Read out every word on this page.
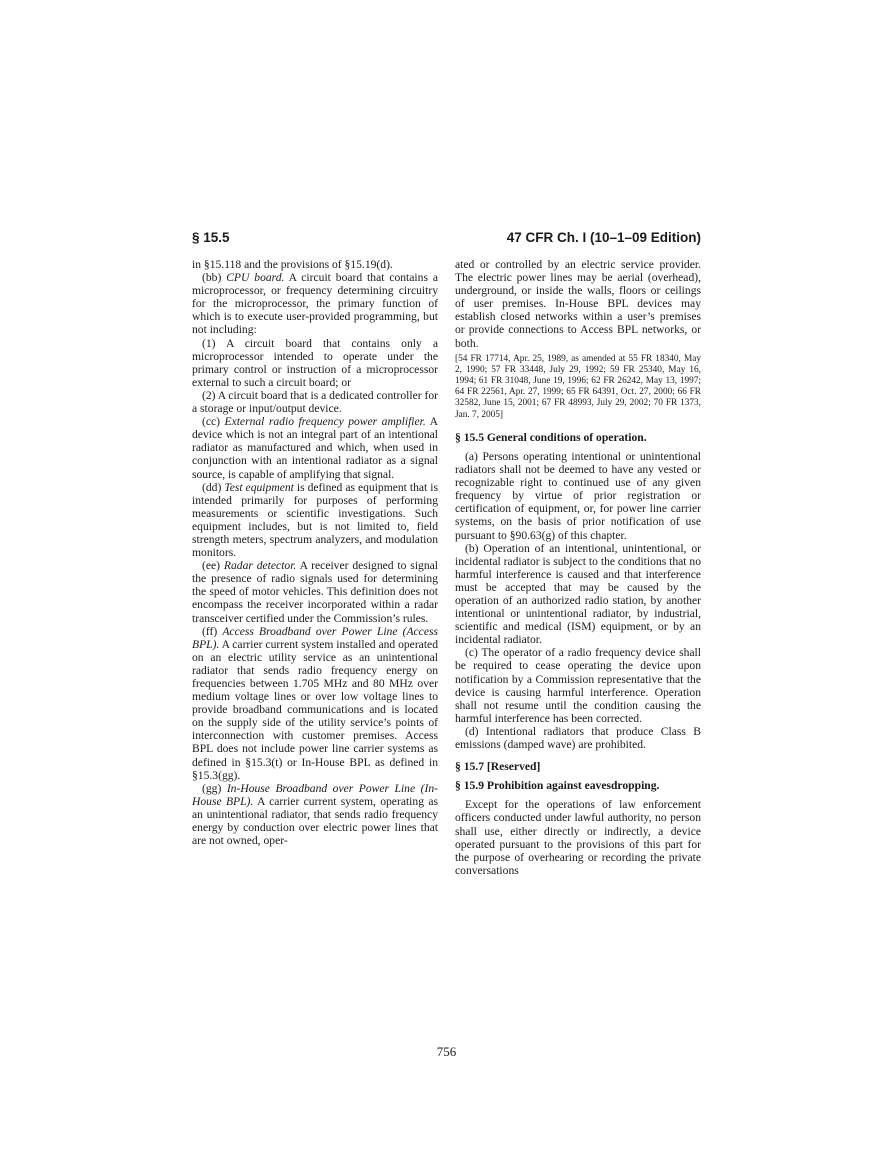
§ 15.5	47 CFR Ch. I (10–1–09 Edition)

in §15.118 and the provisions of §15.19(d).

(bb) CPU board. A circuit board that contains a microprocessor, or frequency determining circuitry for the microprocessor, the primary function of which is to execute user-provided programming, but not including:

(1) A circuit board that contains only a microprocessor intended to operate under the primary control or instruction of a microprocessor external to such a circuit board; or

(2) A circuit board that is a dedicated controller for a storage or input/output device.

(cc) External radio frequency power amplifier. A device which is not an integral part of an intentional radiator as manufactured and which, when used in conjunction with an intentional radiator as a signal source, is capable of amplifying that signal.

(dd) Test equipment is defined as equipment that is intended primarily for purposes of performing measurements or scientific investigations. Such equipment includes, but is not limited to, field strength meters, spectrum analyzers, and modulation monitors.

(ee) Radar detector. A receiver designed to signal the presence of radio signals used for determining the speed of motor vehicles. This definition does not encompass the receiver incorporated within a radar transceiver certified under the Commission’s rules.

(ff) Access Broadband over Power Line (Access BPL). A carrier current system installed and operated on an electric utility service as an unintentional radiator that sends radio frequency energy on frequencies between 1.705 MHz and 80 MHz over medium voltage lines or over low voltage lines to provide broadband communications and is located on the supply side of the utility service’s points of interconnection with customer premises. Access BPL does not include power line carrier systems as defined in §15.3(t) or In-House BPL as defined in §15.3(gg).

(gg) In-House Broadband over Power Line (In-House BPL). A carrier current system, operating as an unintentional radiator, that sends radio frequency energy by conduction over electric power lines that are not owned, oper-

ated or controlled by an electric service provider. The electric power lines may be aerial (overhead), underground, or inside the walls, floors or ceilings of user premises. In-House BPL devices may establish closed networks within a user’s premises or provide connections to Access BPL networks, or both.

[54 FR 17714, Apr. 25, 1989, as amended at 55 FR 18340, May 2, 1990; 57 FR 33448, July 29, 1992; 59 FR 25340, May 16, 1994; 61 FR 31048, June 19, 1996; 62 FR 26242, May 13, 1997; 64 FR 22561, Apr. 27, 1999; 65 FR 64391, Oct. 27, 2000; 66 FR 32582, June 15, 2001; 67 FR 48993, July 29, 2002; 70 FR 1373, Jan. 7, 2005]

§ 15.5 General conditions of operation.

(a) Persons operating intentional or unintentional radiators shall not be deemed to have any vested or recognizable right to continued use of any given frequency by virtue of prior registration or certification of equipment, or, for power line carrier systems, on the basis of prior notification of use pursuant to §90.63(g) of this chapter.

(b) Operation of an intentional, unintentional, or incidental radiator is subject to the conditions that no harmful interference is caused and that interference must be accepted that may be caused by the operation of an authorized radio station, by another intentional or unintentional radiator, by industrial, scientific and medical (ISM) equipment, or by an incidental radiator.

(c) The operator of a radio frequency device shall be required to cease operating the device upon notification by a Commission representative that the device is causing harmful interference. Operation shall not resume until the condition causing the harmful interference has been corrected.

(d) Intentional radiators that produce Class B emissions (damped wave) are prohibited.

§ 15.7 [Reserved]
§ 15.9 Prohibition against eavesdropping.

Except for the operations of law enforcement officers conducted under lawful authority, no person shall use, either directly or indirectly, a device operated pursuant to the provisions of this part for the purpose of overhearing or recording the private conversations

756
